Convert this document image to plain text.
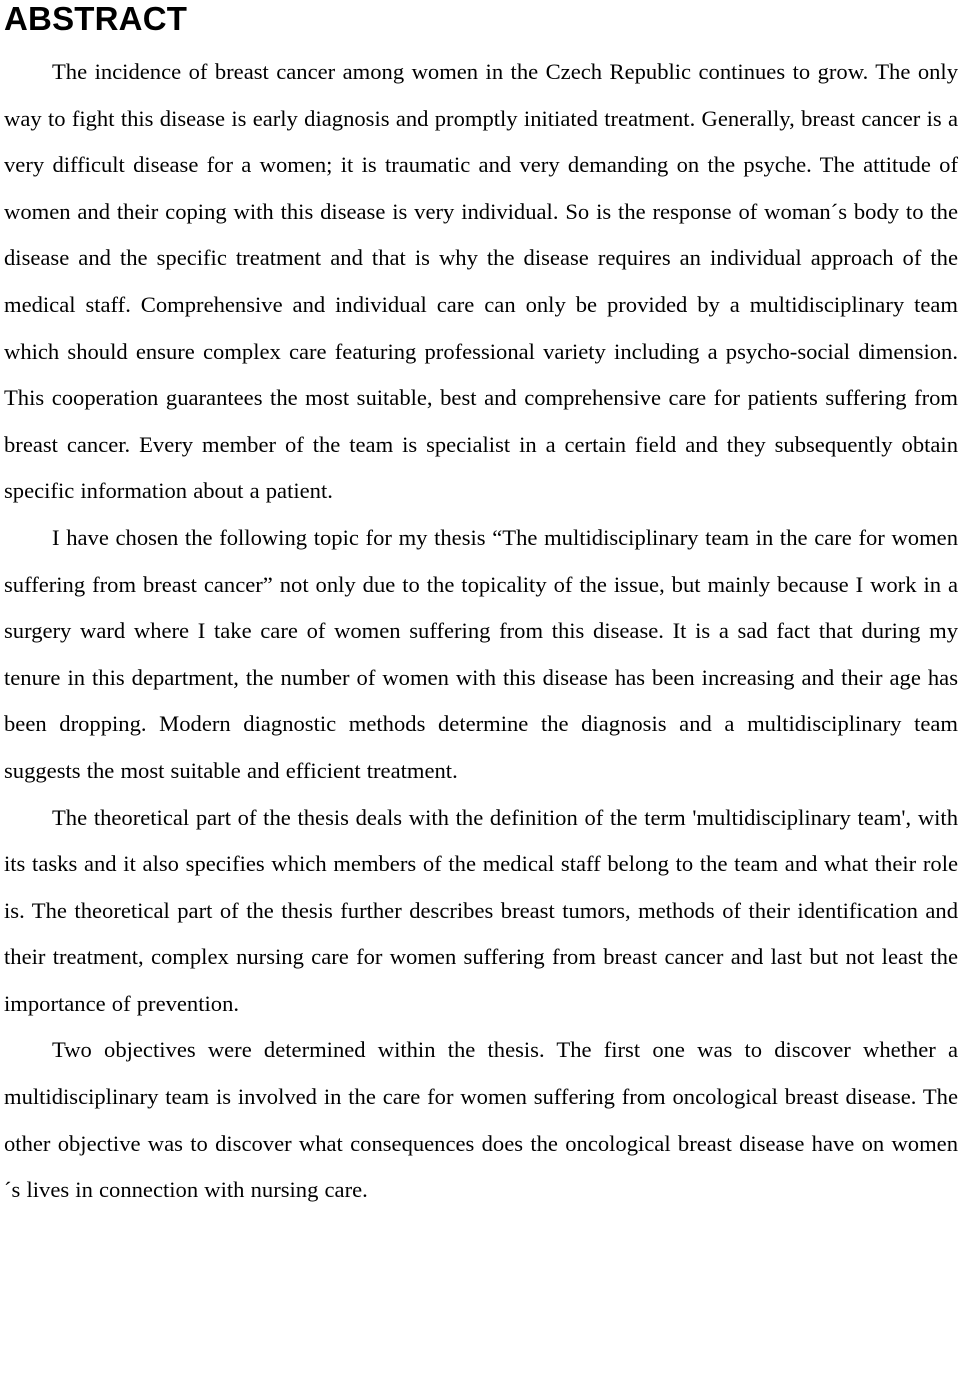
ABSTRACT

The incidence of breast cancer among women in the Czech Republic continues to grow. The only way to fight this disease is early diagnosis and promptly initiated treatment. Generally, breast cancer is a very difficult disease for a women; it is traumatic and very demanding on the psyche. The attitude of women and their coping with this disease is very individual. So is the response of woman´s body to the disease and the specific treatment and that is why the disease requires an individual approach of the medical staff. Comprehensive and individual care can only be provided by a multidisciplinary team which should ensure complex care featuring professional variety including a psycho-social dimension. This cooperation guarantees the most suitable, best and comprehensive care for patients suffering from breast cancer. Every member of the team is specialist in a certain field and they subsequently obtain specific information about a patient.

I have chosen the following topic for my thesis “The multidisciplinary team in the care for women suffering from breast cancer” not only due to the topicality of the issue, but mainly because I work in a surgery ward where I take care of women suffering from this disease. It is a sad fact that during my tenure in this department, the number of women with this disease has been increasing and their age has been dropping. Modern diagnostic methods determine the diagnosis and a multidisciplinary team suggests the most suitable and efficient treatment.

The theoretical part of the thesis deals with the definition of the term 'multidisciplinary team', with its tasks and it also specifies which members of the medical staff belong to the team and what their role is. The theoretical part of the thesis further describes breast tumors, methods of their identification and their treatment, complex nursing care for women suffering from breast cancer and last but not least the importance of prevention.

Two objectives were determined within the thesis. The first one was to discover whether a multidisciplinary team is involved in the care for women suffering from oncological breast disease. The other objective was to discover what consequences does the oncological breast disease have on women´s lives in connection with nursing care.
